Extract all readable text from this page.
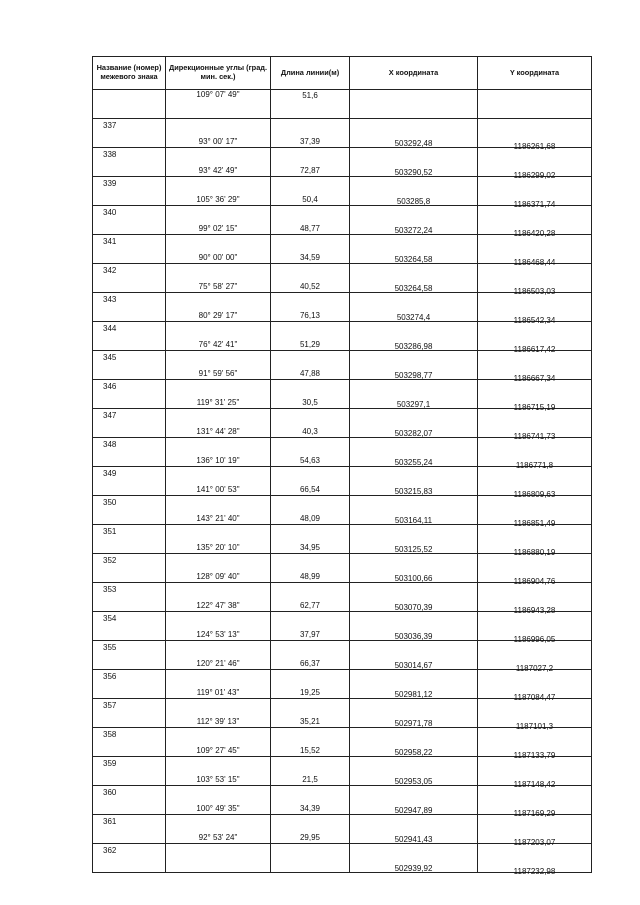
Название (номер) межевого знака	Дирекционные углы (град. мин. сек.)	Длина линии(м)	X координата	Y координата

	109° 07' 49"	51,6		

337	93° 00' 17"	37,39	503292,48	1186261,68

338	93° 42' 49"	72,87	503290,52	1186299,02

339	105° 36' 29"	50,4	503285,8	1186371,74

340	99° 02' 15"	48,77	503272,24	1186420,28

341	90° 00' 00"	34,59	503264,58	1186468,44

342	75° 58' 27"	40,52	503264,58	1186503,03

343	80° 29' 17"	76,13	503274,4	1186542,34

344	76° 42' 41"	51,29	503286,98	1186617,42

345	91° 59' 56"	47,88	503298,77	1186667,34

346	119° 31' 25"	30,5	503297,1	1186715,19

347	131° 44' 28"	40,3	503282,07	1186741,73

348	136° 10' 19"	54,63	503255,24	1186771,8

349	141° 00' 53"	66,54	503215,83	1186809,63

350	143° 21' 40"	48,09	503164,11	1186851,49

351	135° 20' 10"	34,95	503125,52	1186880,19

352	128° 09' 40"	48,99	503100,66	1186904,76

353	122° 47' 38"	62,77	503070,39	1186943,28

354	124° 53' 13"	37,97	503036,39	1186996,05

355	120° 21' 46"	66,37	503014,67	1187027,2

356	119° 01' 43"	19,25	502981,12	1187084,47

357	112° 39' 13"	35,21	502971,78	1187101,3

358	109° 27' 45"	15,52	502958,22	1187133,79

359	103° 53' 15"	21,5	502953,05	1187148,42

360	100° 49' 35"	34,39	502947,89	1187169,29

361	92° 53' 24"	29,95	502941,43	1187203,07

362			502939,92	1187232,98
